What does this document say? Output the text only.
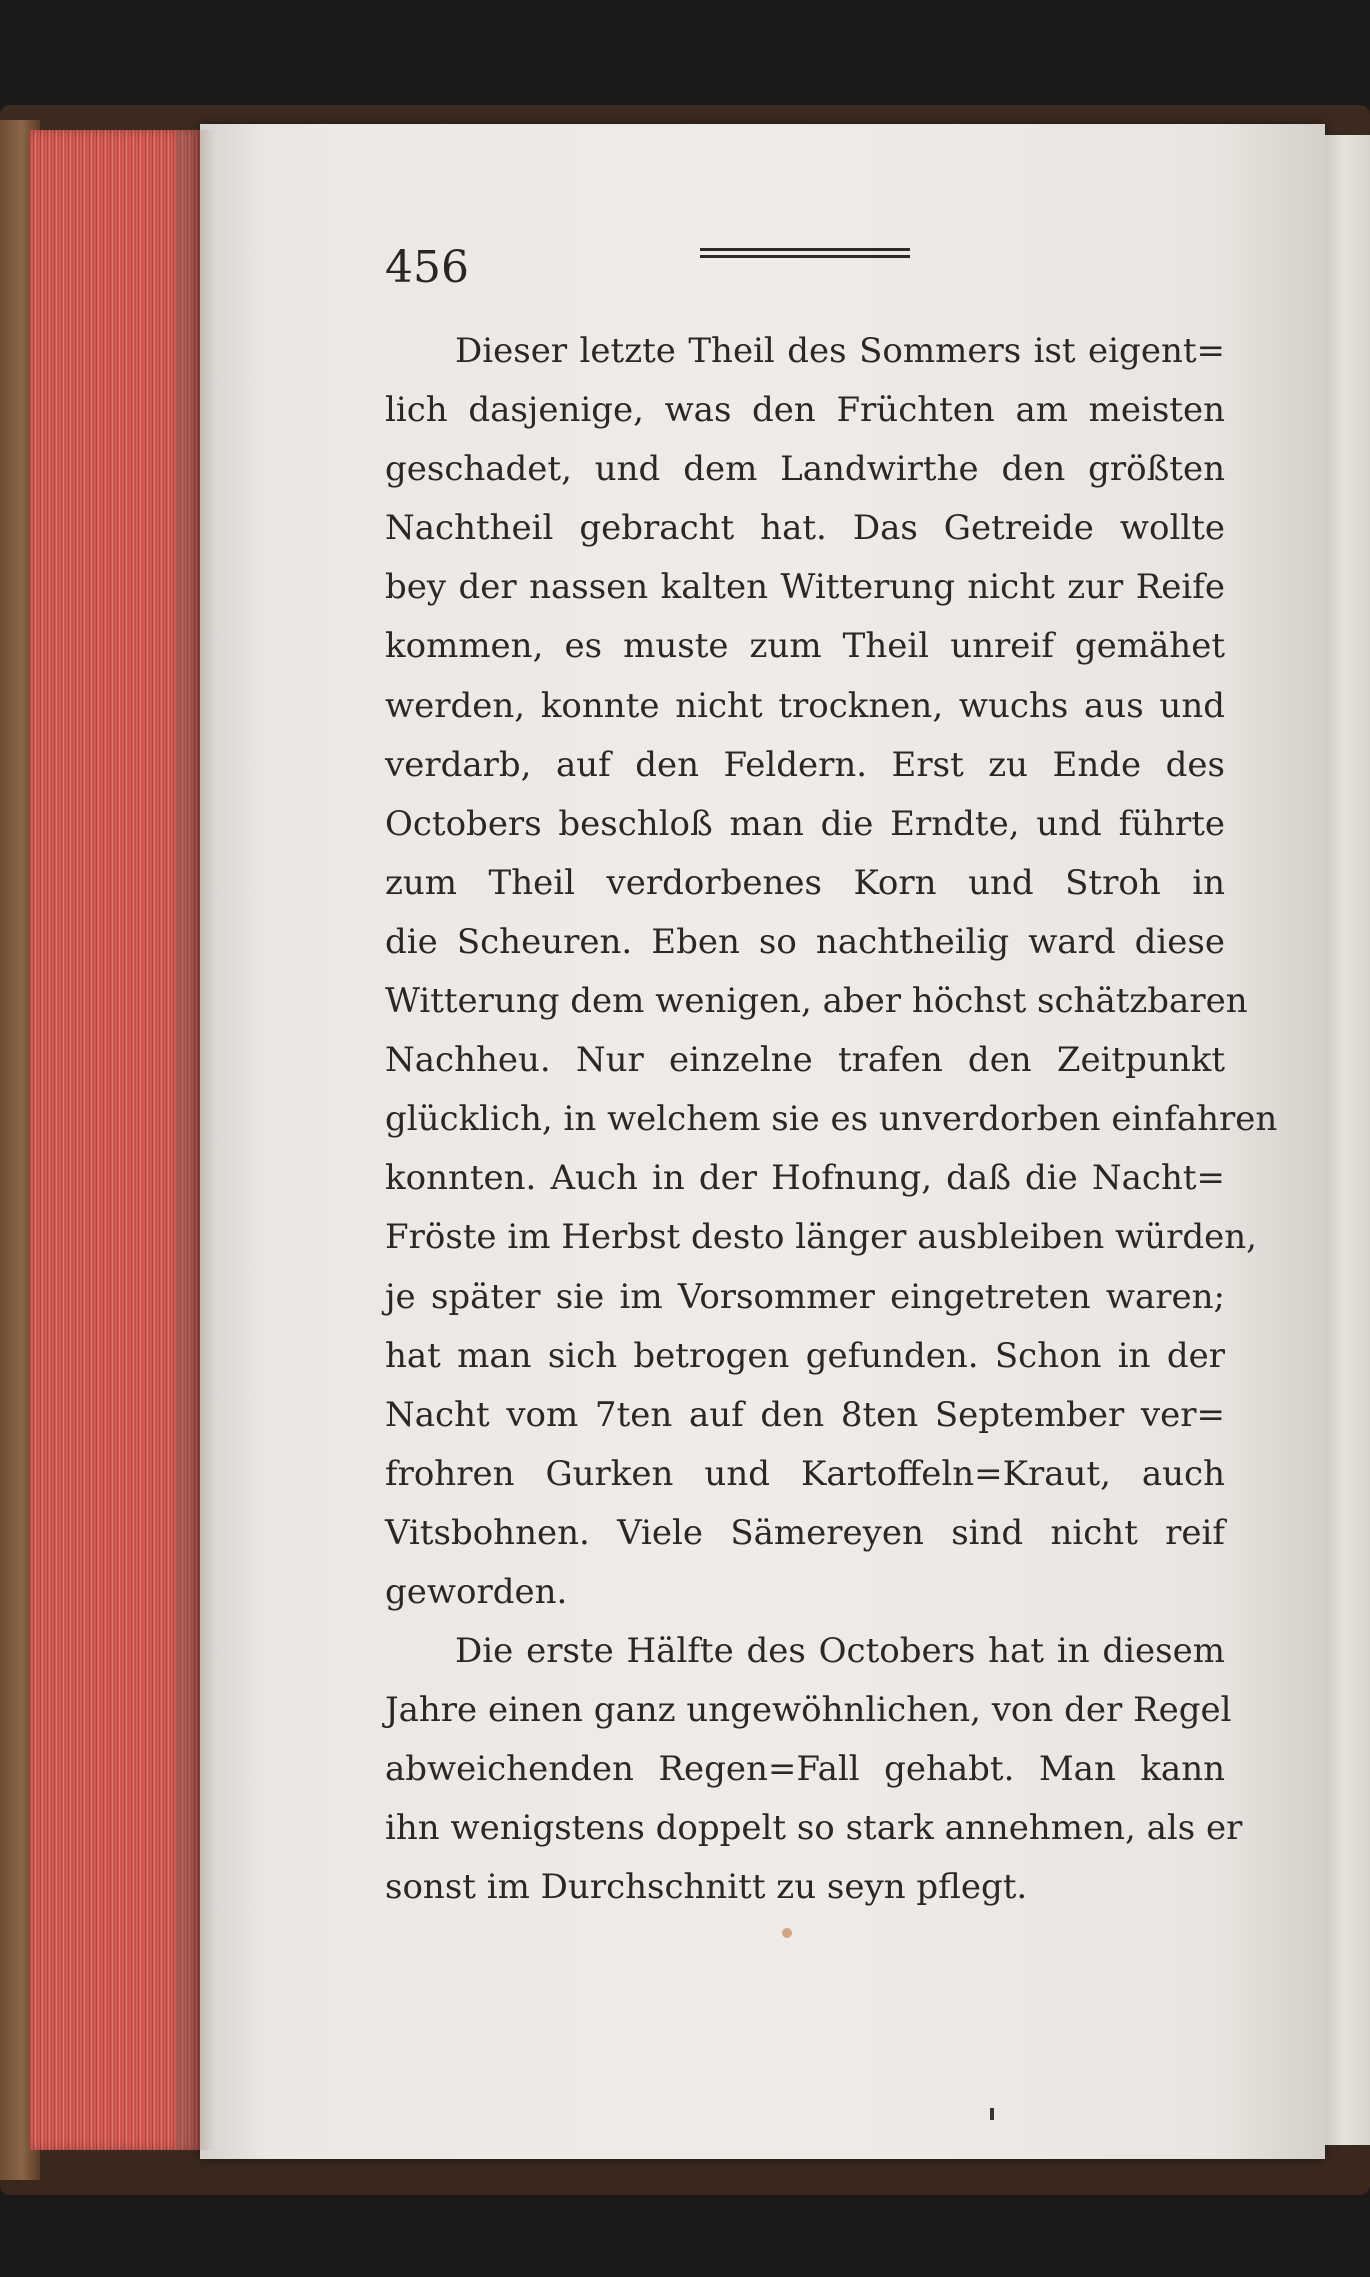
456
Dieser letzte Theil des Sommers ist eigent=
lich dasjenige, was den Früchten am meisten
geschadet, und dem Landwirthe den größten
Nachtheil gebracht hat. Das Getreide wollte
bey der nassen kalten Witterung nicht zur Reife
kommen, es muste zum Theil unreif gemähet
werden, konnte nicht trocknen, wuchs aus und
verdarb, auf den Feldern. Erst zu Ende des
Octobers beschloß man die Erndte, und führte
zum Theil verdorbenes Korn und Stroh in
die Scheuren. Eben so nachtheilig ward diese
Witterung dem wenigen, aber höchst schätzbaren
Nachheu. Nur einzelne trafen den Zeitpunkt
glücklich, in welchem sie es unverdorben einfahren
konnten. Auch in der Hofnung, daß die Nacht=
Fröste im Herbst desto länger ausbleiben würden,
je später sie im Vorsommer eingetreten waren;
hat man sich betrogen gefunden. Schon in der
Nacht vom 7ten auf den 8ten September ver=
frohren Gurken und Kartoffeln=Kraut, auch
Vitsbohnen. Viele Sämereyen sind nicht reif
geworden.
Die erste Hälfte des Octobers hat in diesem
Jahre einen ganz ungewöhnlichen, von der Regel
abweichenden Regen=Fall gehabt. Man kann
ihn wenigstens doppelt so stark annehmen, als er
sonst im Durchschnitt zu seyn pflegt.
